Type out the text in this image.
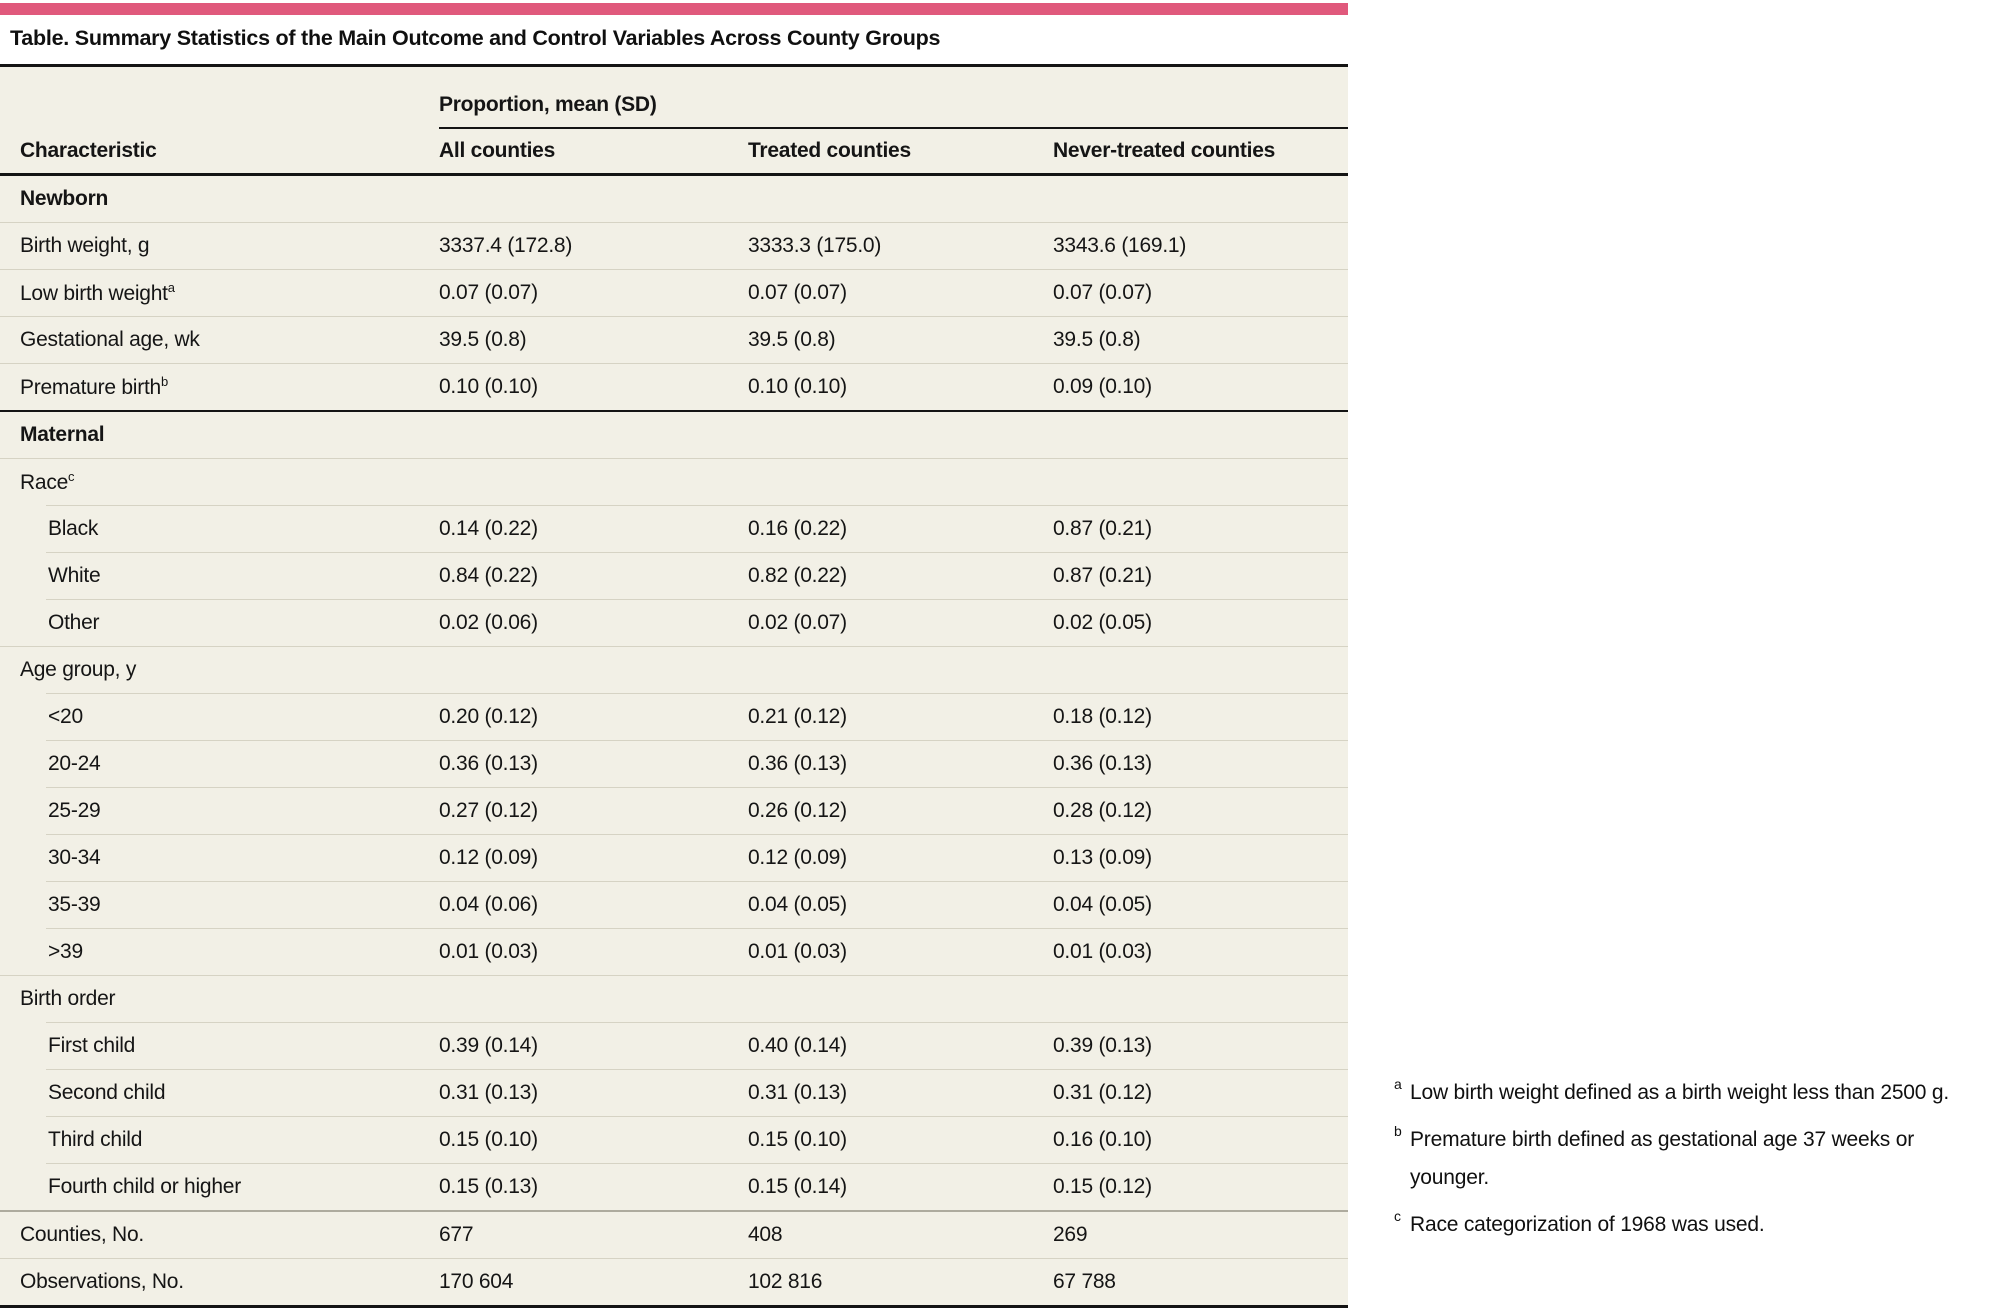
Table. Summary Statistics of the Main Outcome and Control Variables Across County Groups
	Proportion, mean (SD)		
Characteristic	All counties	Treated counties	Never-treated counties
Newborn			
Birth weight, g	3337.4 (172.8)	3333.3 (175.0)	3343.6 (169.1)
Low birth weight$^a$	0.07 (0.07)	0.07 (0.07)	0.07 (0.07)
Gestational age, wk	39.5 (0.8)	39.5 (0.8)	39.5 (0.8)
Premature birth$^b$	0.10 (0.10)	0.10 (0.10)	0.09 (0.10)
Maternal			
Race$^c$
Black	0.14 (0.22)	0.16 (0.22)	0.87 (0.21)
White	0.84 (0.22)	0.82 (0.22)	0.87 (0.21)
Other	0.02 (0.06)	0.02 (0.07)	0.02 (0.05)
Age group, y			
<20	0.20 (0.12)	0.21 (0.12)	0.18 (0.12)
20-24	0.36 (0.13)	0.36 (0.13)	0.36 (0.13)
25-29	0.27 (0.12)	0.26 (0.12)	0.28 (0.12)
30-34	0.12 (0.09)	0.12 (0.09)	0.13 (0.09)
35-39	0.04 (0.06)	0.04 (0.05)	0.04 (0.05)
>39	0.01 (0.03)	0.01 (0.03)	0.01 (0.03)
Birth order			
First child	0.39 (0.14)	0.40 (0.14)	0.39 (0.13)
Second child	0.31 (0.13)	0.31 (0.13)	0.31 (0.12)
Third child	0.15 (0.10)	0.15 (0.10)	0.16 (0.10)
Fourth child or higher	0.15 (0.13)	0.15 (0.14)	0.15 (0.12)
Counties, No.	677	408	269
Observations, No.	170 604	102 816	67 788
a Low birth weight defined as a birth weight less than 2500 g.
b Premature birth defined as gestational age 37 weeks or younger.
c Race categorization of 1968 was used.
